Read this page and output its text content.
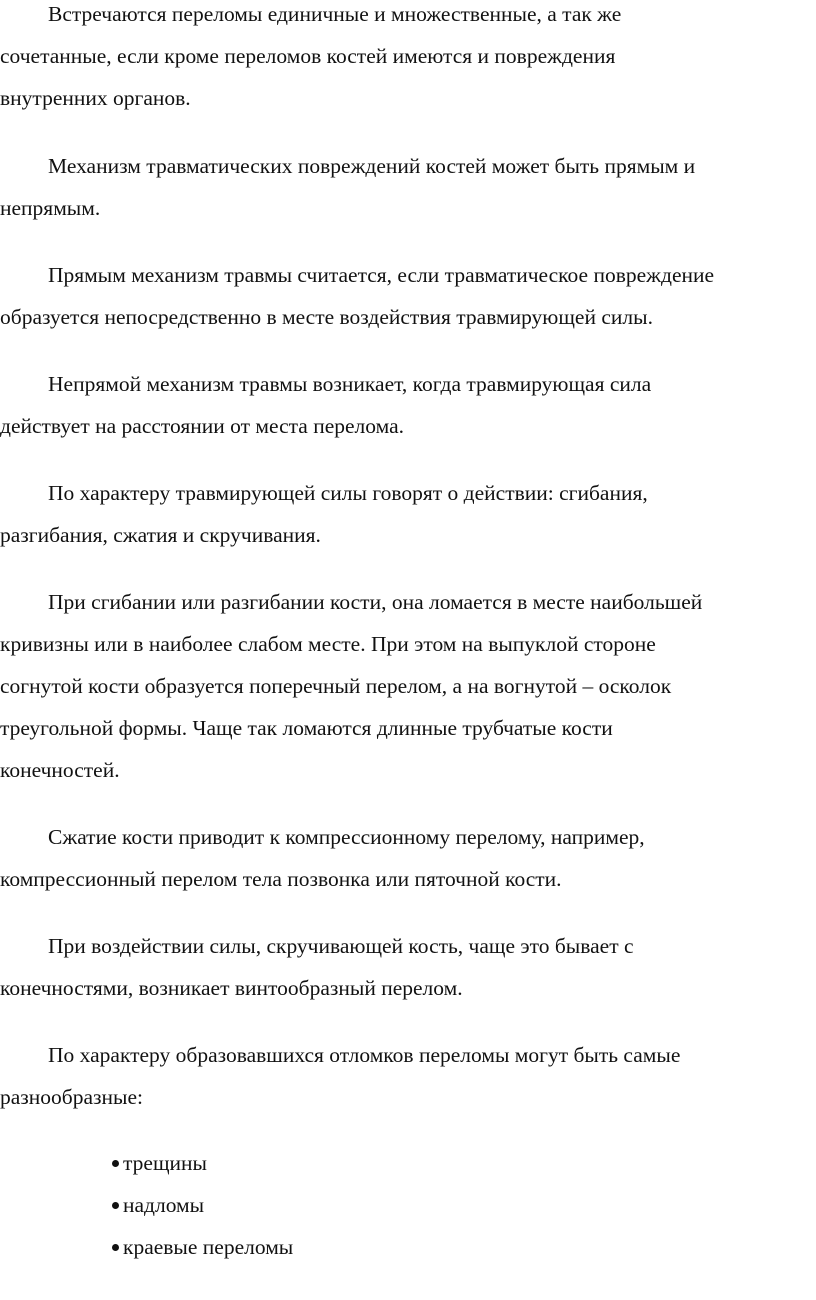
Встречаются переломы единичные и множественные, а так же
сочетанные, если кроме переломов костей имеются и повреждения
внутренних органов.
Механизм травматических повреждений костей может быть прямым и
непрямым.
Прямым механизм травмы считается, если травматическое повреждение
образуется непосредственно в месте воздействия травмирующей силы.
Непрямой механизм травмы возникает, когда травмирующая сила
действует на расстоянии от места перелома.
По характеру травмирующей силы говорят о действии: сгибания,
разгибания, сжатия и скручивания.
При сгибании или разгибании кости, она ломается в месте наибольшей
кривизны или в наиболее слабом месте. При этом на выпуклой стороне
согнутой кости образуется поперечный перелом, а на вогнутой – осколок
треугольной формы. Чаще так ломаются длинные трубчатые кости
конечностей.
Сжатие кости приводит к компрессионному перелому, например,
компрессионный перелом тела позвонка или пяточной кости.
При воздействии силы, скручивающей кость, чаще это бывает с
конечностями, возникает винтообразный перелом.
По характеру образовавшихся отломков переломы могут быть самые
разнообразные:
трещины
надломы
краевые переломы
